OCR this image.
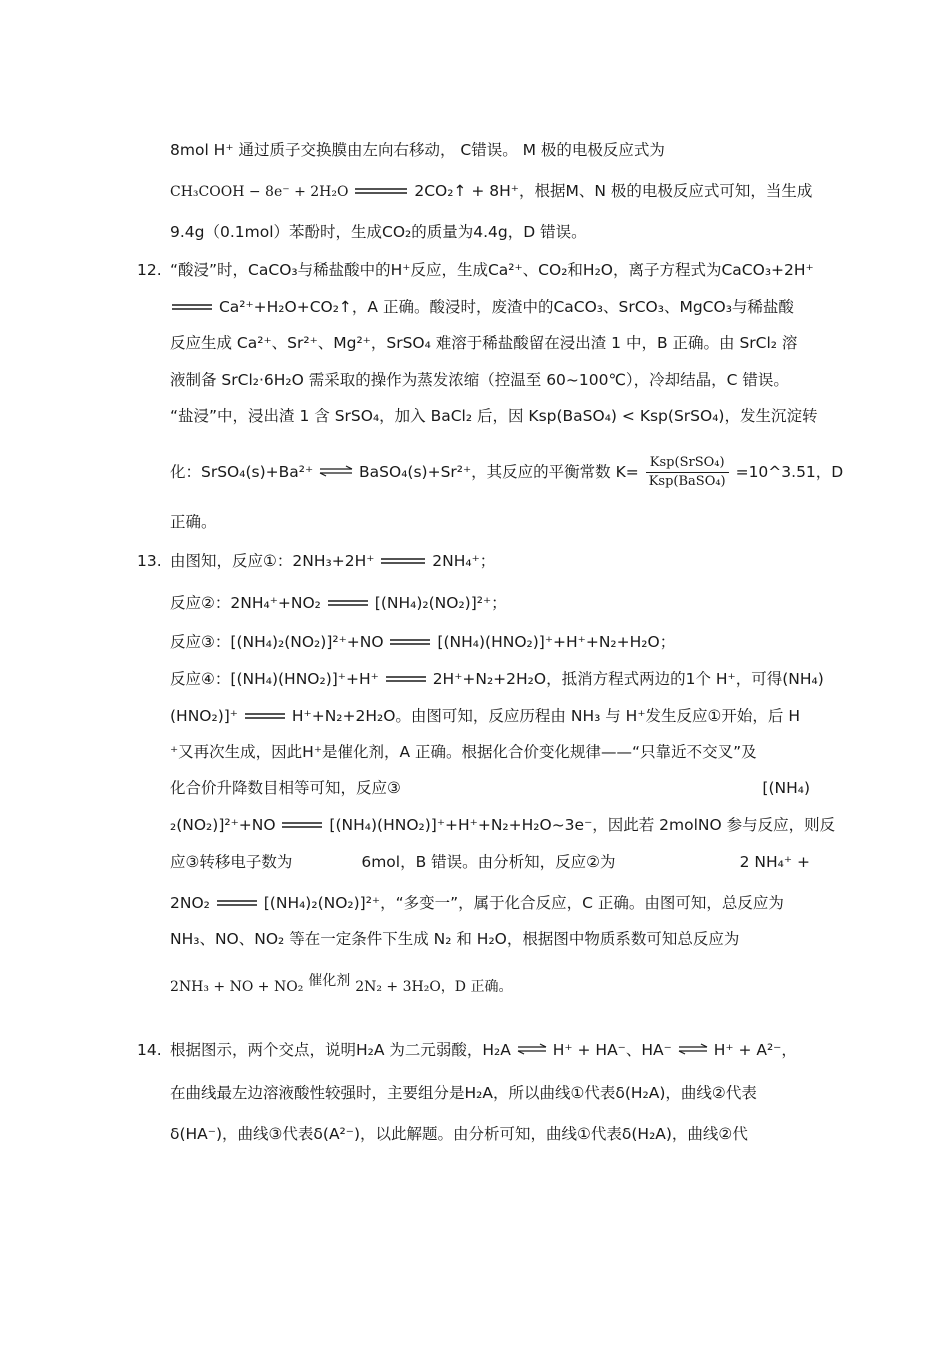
8mol H⁺ 通过质子交换膜由左向右移动， C错误。 M 极的电极反应式为
CH₃COOH − 8e⁻ + 2H₂O	2CO₂↑ + 8H⁺，根据M、N 极的电极反应式可知，当生成
9.4g（0.1mol）苯酚时，生成CO₂的质量为4.4g，D 错误。
12. “酸浸”时，CaCO₃与稀盐酸中的H⁺反应，生成Ca²⁺、CO₂和H₂O，离子方程式为CaCO₃+2H⁺
Ca²⁺+H₂O+CO₂↑，A 正确。酸浸时，废渣中的CaCO₃、SrCO₃、MgCO₃与稀盐酸
反应生成 Ca²⁺、Sr²⁺、Mg²⁺，SrSO₄ 难溶于稀盐酸留在浸出渣 1 中，B 正确。由 SrCl₂ 溶
液制备 SrCl₂·6H₂O 需采取的操作为蒸发浓缩（控温至 60~100℃），冷却结晶，C 错误。
“盐浸”中，浸出渣 1 含 SrSO₄，加入 BaCl₂ 后，因 Ksp(BaSO₄) < Ksp(SrSO₄)，发生沉淀转
化：SrSO₄(s)+Ba²⁺ ⇌ BaSO₄(s)+Sr²⁺，其反应的平衡常数 $K= \frac{\text{Ksp(SrSO₄)}}{\text{Ksp(BaSO₄)}}$ =10^3.51，D
正确。
13. 由图知，反应①：2NH₃+2H⁺	2NH₄⁺；
反应②：2NH₄⁺+NO₂	[(NH₄)₂(NO₂)]²⁺；
反应③：[(NH₄)₂(NO₂)]²⁺+NO	[(NH₄)(HNO₂)]⁺+H⁺+N₂+H₂O；
反应④：[(NH₄)(HNO₂)]⁺+H⁺	2H⁺+N₂+2H₂O，抵消方程式两边的1个 H⁺，可得(NH₄)
(HNO₂)]⁺	H⁺+N₂+2H₂O。由图可知，反应历程由 NH₃ 与 H⁺发生反应①开始，后 H
⁺又再次生成，因此H⁺是催化剂，A 正确。根据化合价变化规律——“只靠近不交叉”及
化合价升降数目相等可知，反应③	[(NH₄)
₂(NO₂)]²⁺+NO	[(NH₄)(HNO₂)]⁺+H⁺+N₂+H₂O~3e⁻，因此若 2molNO 参与反应，则反
应③转移电子数为	6mol，B 错误。由分析知，反应②为	2 NH₄⁺ +
2NO₂	[(NH₄)₂(NO₂)]²⁺，“多变一”，属于化合反应，C 正确。由图可知，总反应为
NH₃、NO、NO₂ 等在一定条件下生成 N₂ 和 H₂O，根据图中物质系数可知总反应为
2NH₃ + NO + NO₂ 催化剂 2N₂ + 3H₂O，D 正确。
14. 根据图示，两个交点，说明H₂A 为二元弱酸，H₂A ⇌ H⁺ + HA⁻、HA⁻ ⇌ H⁺ + A²⁻，
在曲线最左边溶液酸性较强时，主要组分是H₂A，所以曲线①代表δ(H₂A)，曲线②代表
δ(HA⁻)，曲线③代表δ(A²⁻)，以此解题。由分析可知，曲线①代表δ(H₂A)，曲线②代
